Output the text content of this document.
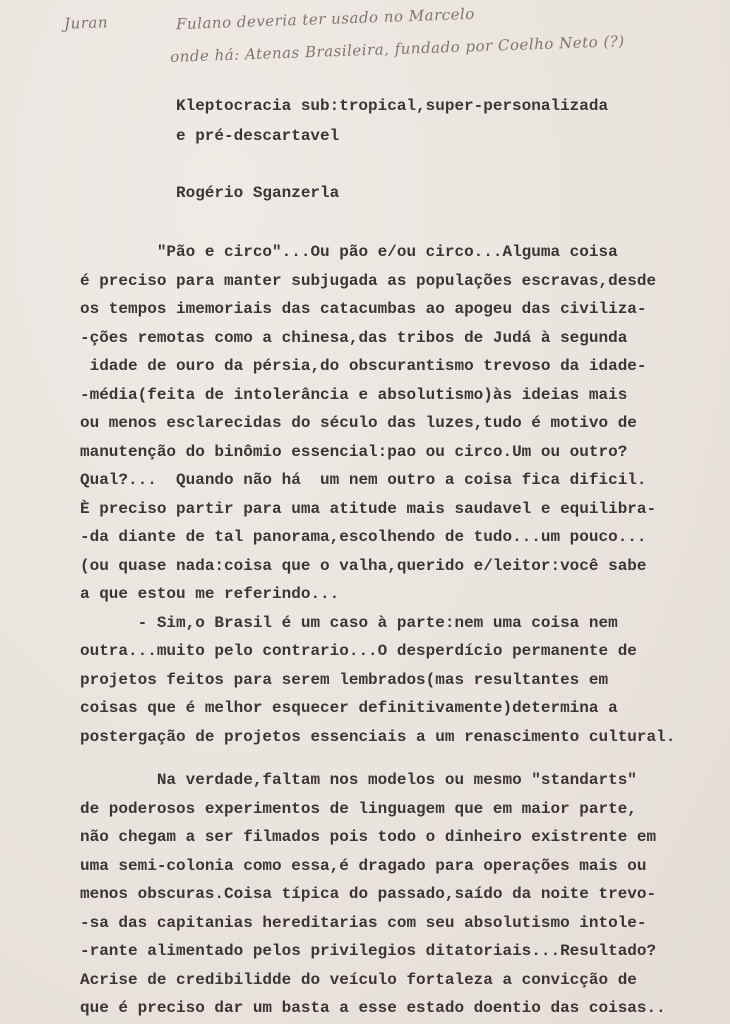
Juran	Fulano deveria ter usado no Marcelo
onde há: Atenas Brasileira, fundado por Coelho Neto (?)
Kleptocracia sub:tropical,super-personalizada
e pré-descartavel
Rogério Sganzerla
"Pão e circo"...Ou pão e/ou circo...Alguma coisa
é preciso para manter subjugada as populações escravas,desde
os tempos imemoriais das catacumbas ao apogeu das civiliza-
-ções remotas como a chinesa,das tribos de Judá à segunda
idade de ouro da pérsia,do obscurantismo trevoso da idade-
-média(feita de intolerância e absolutismo)às ideias mais
ou menos esclarecidas do século das luzes,tudo é motivo de
manutenção do binômio essencial:pao ou circo.Um ou outro?
Qual?...  Quando não há  um nem outro a coisa fica dificil.
È preciso partir para uma atitude mais saudavel e equilibra-
-da diante de tal panorama,escolhendo de tudo...um pouco...
(ou quase nada:coisa que o valha,querido e/leitor:você sabe
a que estou me referindo...
- Sim,o Brasil é um caso à parte:nem uma coisa nem
outra...muito pelo contrario...O desperdício permanente de
projetos feitos para serem lembrados(mas resultantes em
coisas que é melhor esquecer definitivamente)determina a
postergação de projetos essenciais a um renascimento cultural.
Na verdade,faltam nos modelos ou mesmo "standarts"
de poderosos experimentos de linguagem que em maior parte,
não chegam a ser filmados pois todo o dinheiro existrente em
uma semi-colonia como essa,é dragado para operações mais ou
menos obscuras.Coisa típica do passado,saído da noite trevo-
-sa das capitanias hereditarias com seu absolutismo intole-
-rante alimentado pelos privilegios ditatoriais...Resultado?
Acrise de credibilidde do veículo fortaleza a convicção de
que é preciso dar um basta a esse estado doentio das coisas..
